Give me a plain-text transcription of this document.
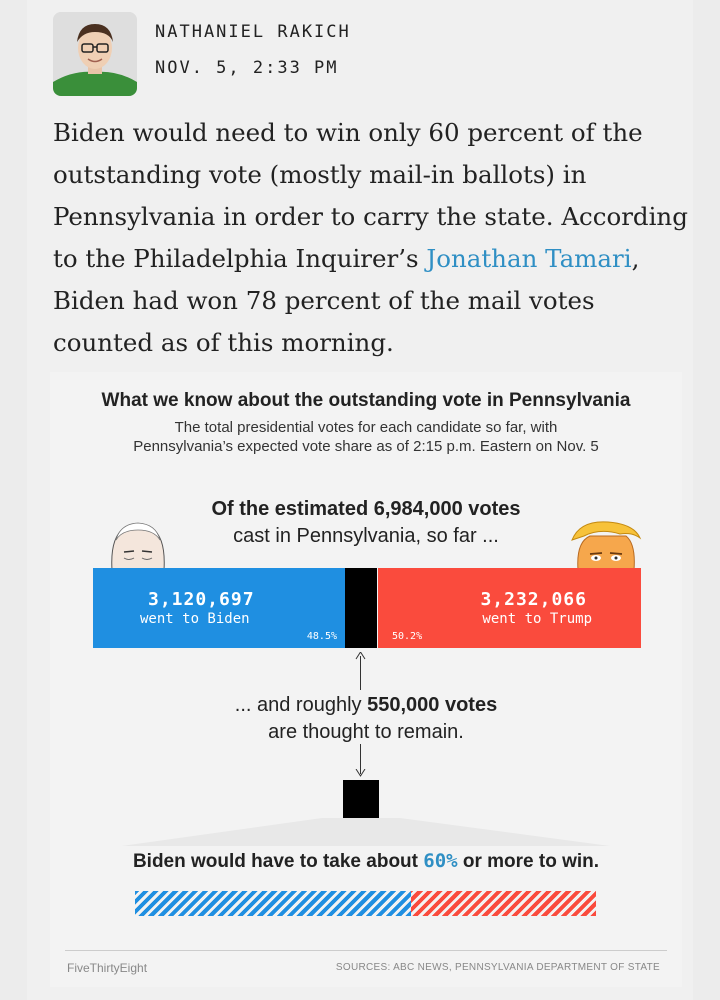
NATHANIEL RAKICH
NOV. 5, 2:33 PM
Biden would need to win only 60 percent of the outstanding vote (mostly mail-in ballots) in Pennsylvania in order to carry the state. According to the Philadelphia Inquirer’s Jonathan Tamari, Biden had won 78 percent of the mail votes counted as of this morning.
What we know about the outstanding vote in Pennsylvania
The total presidential votes for each candidate so far, with
Pennsylvania’s expected vote share as of 2:15 p.m. Eastern on Nov. 5
Of the estimated 6,984,000 votes
cast in Pennsylvania, so far ...
3,120,697
went to Biden
48.5%
3,232,066
went to Trump
50.2%
... and roughly 550,000 votes
are thought to remain.
Biden would have to take about 60% or more to win.
FiveThirtyEight	SOURCES: ABC NEWS, PENNSYLVANIA DEPARTMENT OF STATE
